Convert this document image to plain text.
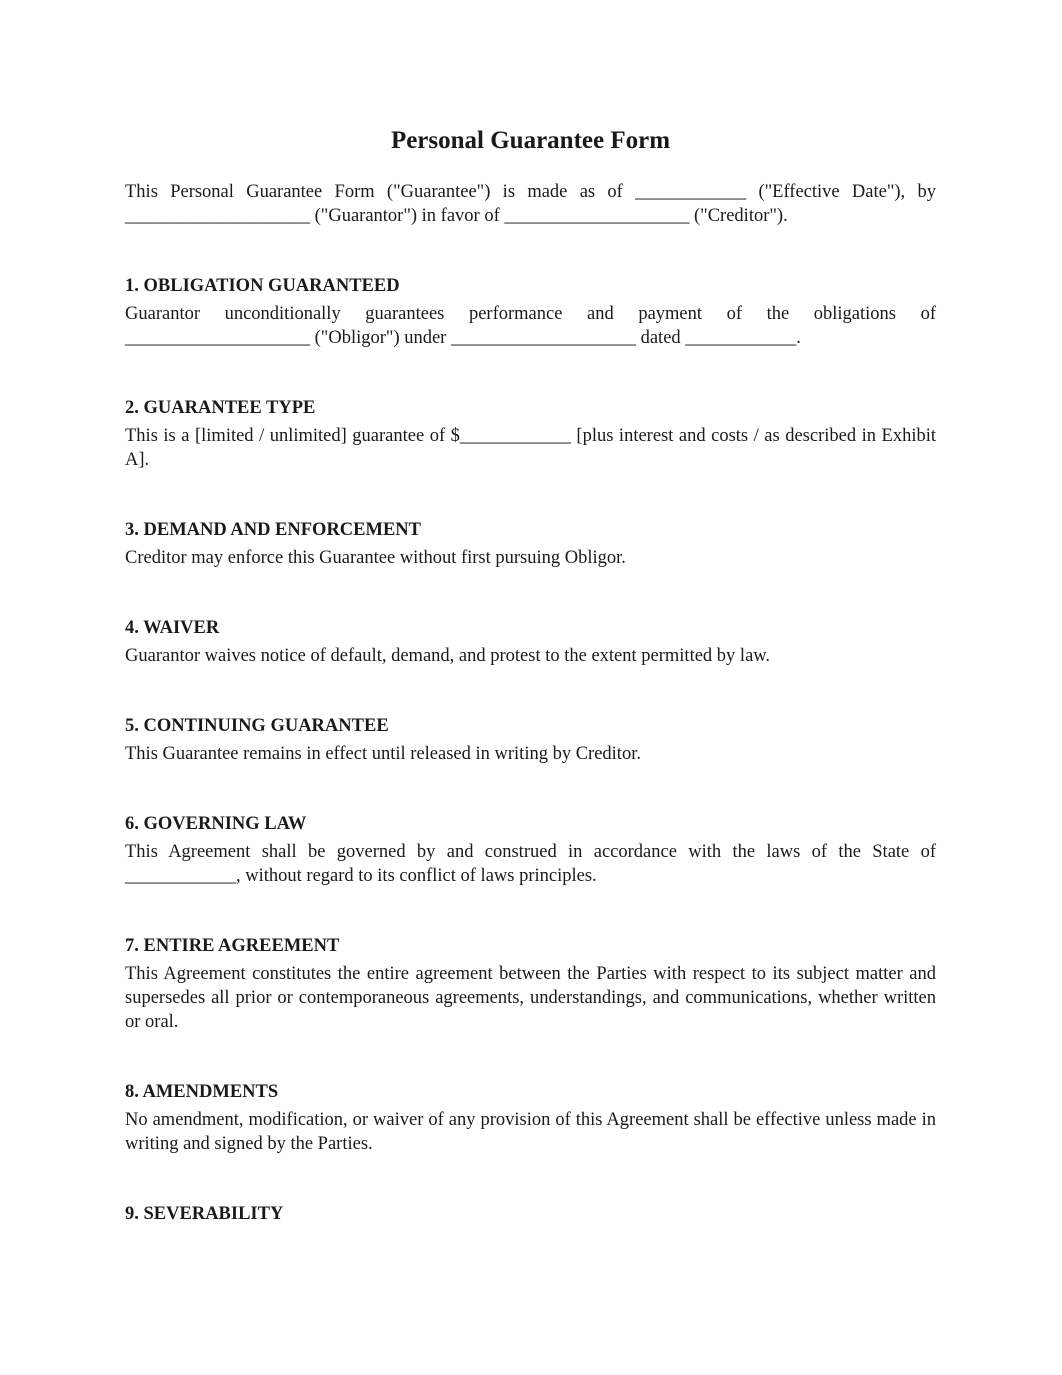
Personal Guarantee Form

This Personal Guarantee Form ("Guarantee") is made as of ____________ ("Effective Date"), by ____________________ ("Guarantor") in favor of ____________________ ("Creditor").

1. OBLIGATION GUARANTEED

Guarantor unconditionally guarantees performance and payment of the obligations of ____________________ ("Obligor") under ____________________ dated ____________.

2. GUARANTEE TYPE

This is a [limited / unlimited] guarantee of $____________ [plus interest and costs / as described in Exhibit A].

3. DEMAND AND ENFORCEMENT

Creditor may enforce this Guarantee without first pursuing Obligor.

4. WAIVER

Guarantor waives notice of default, demand, and protest to the extent permitted by law.

5. CONTINUING GUARANTEE

This Guarantee remains in effect until released in writing by Creditor.

6. GOVERNING LAW

This Agreement shall be governed by and construed in accordance with the laws of the State of ____________, without regard to its conflict of laws principles.

7. ENTIRE AGREEMENT

This Agreement constitutes the entire agreement between the Parties with respect to its subject matter and supersedes all prior or contemporaneous agreements, understandings, and communications, whether written or oral.

8. AMENDMENTS

No amendment, modification, or waiver of any provision of this Agreement shall be effective unless made in writing and signed by the Parties.

9. SEVERABILITY
